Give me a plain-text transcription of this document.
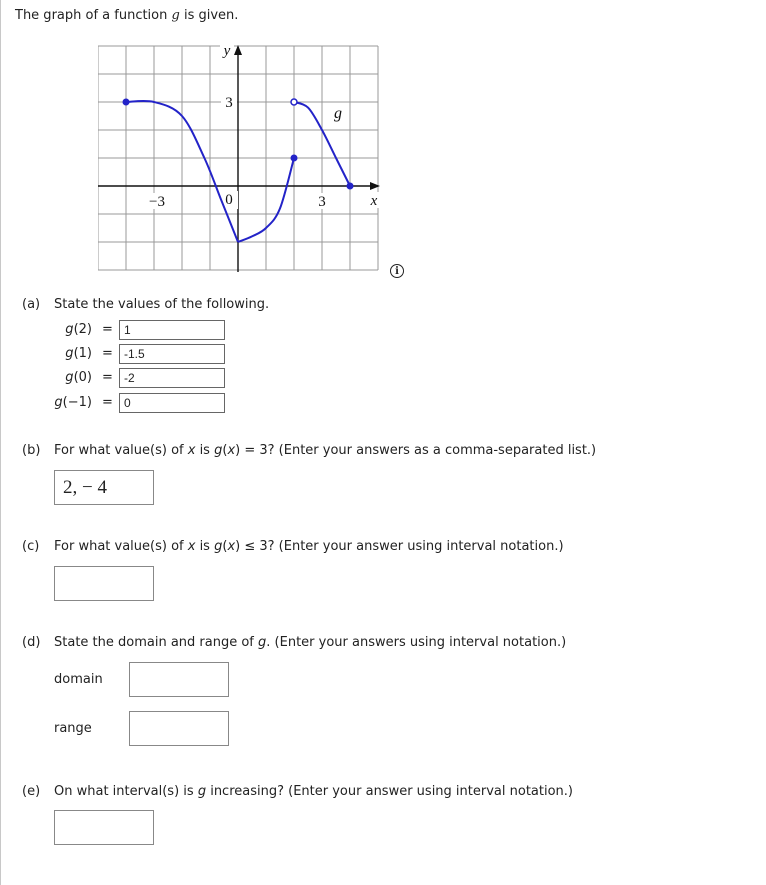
The graph of a function g is given.
−3	0	3
3
x
y
g
i
(a) State the values of the following.
g(2) = 1
g(1) = -1.5
g(0) = -2
g(−1) = 0
(b) For what value(s) of x is g(x) = 3? (Enter your answers as a comma-separated list.)
2, − 4
(c) For what value(s) of x is g(x) ≤ 3? (Enter your answer using interval notation.)
(d) State the domain and range of g. (Enter your answers using interval notation.)
domain
range
(e) On what interval(s) is g increasing? (Enter your answer using interval notation.)
